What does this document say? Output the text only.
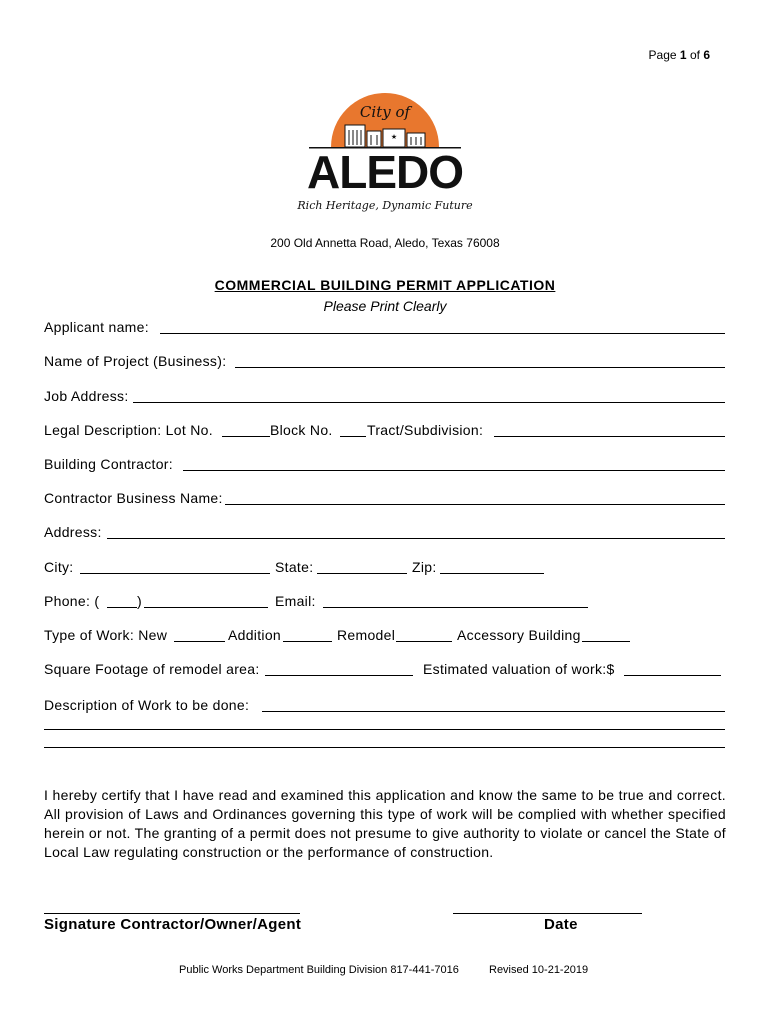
Page 1 of 6
City of
★
ALEDO
Rich Heritage, Dynamic Future
200 Old Annetta Road, Aledo, Texas 76008
COMMERCIAL BUILDING PERMIT APPLICATION
Please Print Clearly
Applicant name:
Name of Project (Business):
Job Address:
Legal Description: Lot No.	Block No. Tract/Subdivision:
Building Contractor:
Contractor Business Name:
Address:
City:	State:	Zip:
Phone: (	)	Email:
Type of Work: New	Addition	Remodel	Accessory Building
Square Footage of remodel area:	Estimated valuation of work:$
Description of Work to be done:
I hereby certify that I have read and examined this application and know the same to be true and correct. All provision of Laws and Ordinances governing this type of work will be complied with whether specified herein or not. The granting of a permit does not presume to give authority to violate or cancel the State of Local Law regulating construction or the performance of construction.
Signature Contractor/Owner/Agent	Date
Public Works Department Building Division 817-441-7016	Revised 10-21-2019
